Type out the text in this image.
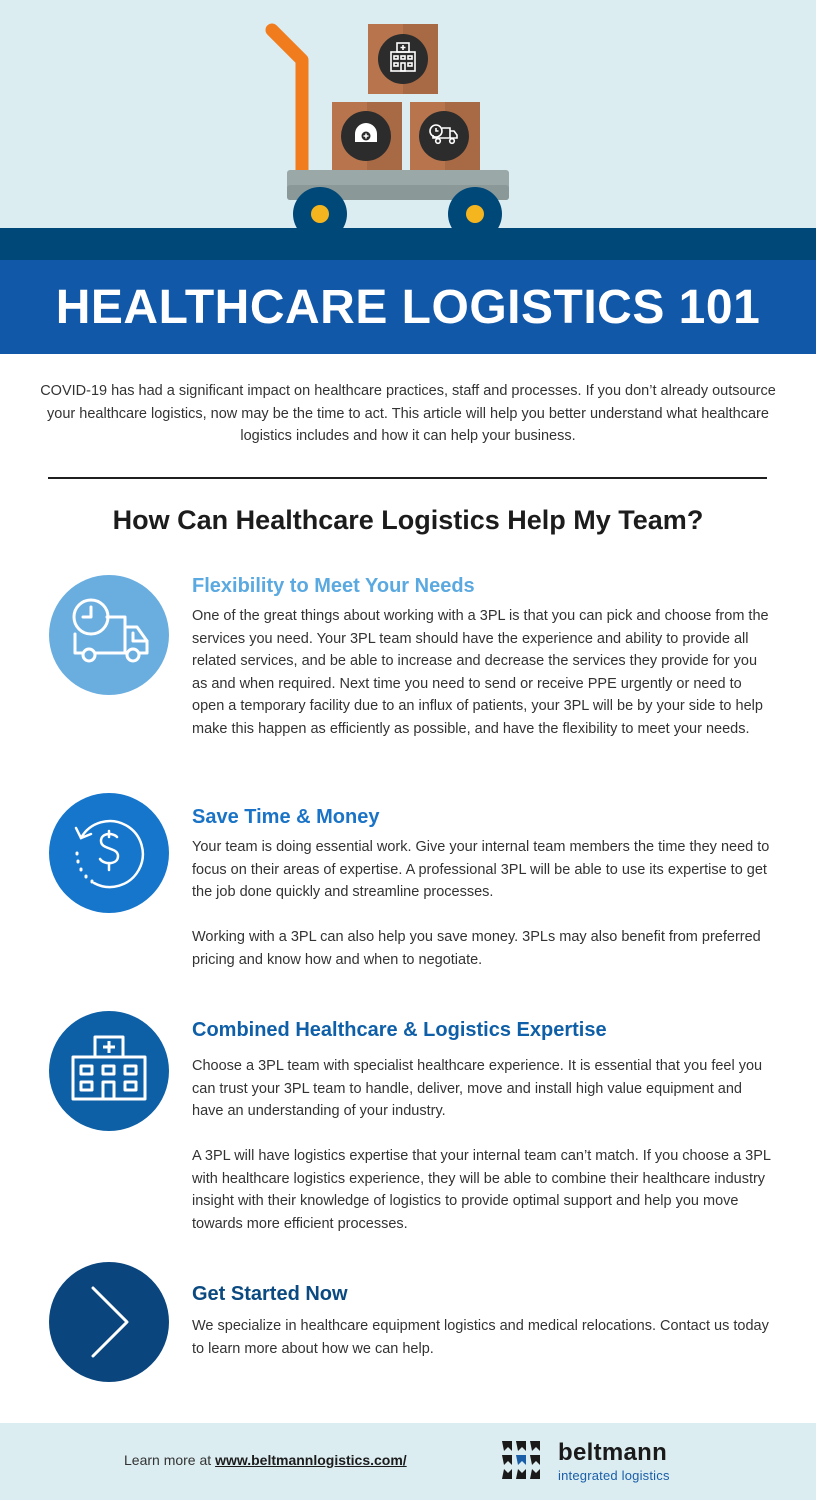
HEALTHCARE LOGISTICS 101
COVID-19 has had a significant impact on healthcare practices, staff and processes. If you don’t already outsource your healthcare logistics, now may be the time to act. This article will help you better understand what healthcare logistics includes and how it can help your business.
How Can Healthcare Logistics Help My Team?
Flexibility to Meet Your Needs

One of the great things about working with a 3PL is that you can pick and choose from the services you need. Your 3PL team should have the experience and ability to provide all related services, and be able to increase and decrease the services they provide for you as and when required. Next time you need to send or receive PPE urgently or need to open a temporary facility due to an influx of patients, your 3PL will be by your side to help make this happen as efficiently as possible, and have the flexibility to meet your needs.

Save Time & Money

Your team is doing essential work. Give your internal team members the time they need to focus on their areas of expertise. A professional 3PL will be able to use its expertise to get the job done quickly and streamline processes.

Working with a 3PL can also help you save money. 3PLs may also benefit from preferred pricing and know how and when to negotiate.

Combined Healthcare & Logistics Expertise

Choose a 3PL team with specialist healthcare experience. It is essential that you feel you can trust your 3PL team to handle, deliver, move and install high value equipment and have an understanding of your industry.

A 3PL will have logistics expertise that your internal team can’t match. If you choose a 3PL with healthcare logistics experience, they will be able to combine their healthcare industry insight with their knowledge of logistics to provide optimal support and help you move towards more efficient processes.

Get Started Now

We specialize in healthcare equipment logistics and medical relocations. Contact us today to learn more about how we can help.

Learn more at www.beltmannlogistics.com/	beltmann
integrated logistics
